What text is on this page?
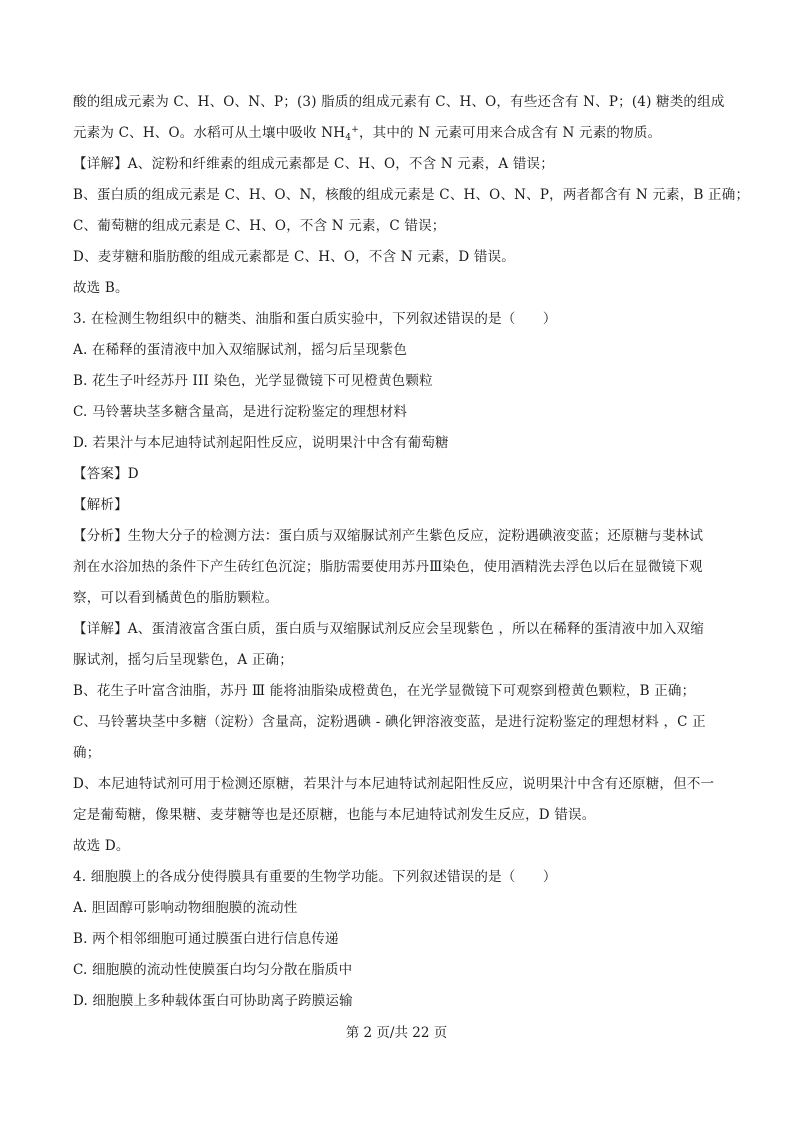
酸的组成元素为 C、H、O、N、P；(3) 脂质的组成元素有 C、H、O，有些还含有 N、P；(4) 糖类的组成
元素为 C、H、O。水稻可从土壤中吸收 $NH_4^+$，其中的 N 元素可用来合成含有 N 元素的物质。
【详解】A、淀粉和纤维素的组成元素都是 C、H、O，不含 N 元素，A 错误；
B、蛋白质的组成元素是 C、H、O、N，核酸的组成元素是 C、H、O、N、P，两者都含有 N 元素，B 正确；
C、葡萄糖的组成元素是 C、H、O，不含 N 元素，C 错误；
D、麦芽糖和脂肪酸的组成元素都是 C、H、O，不含 N 元素，D 错误。
故选 B。
3. 在检测生物组织中的糖类、油脂和蛋白质实验中，下列叙述错误的是（　　）
A. 在稀释的蛋清液中加入双缩脲试剂，摇匀后呈现紫色
B. 花生子叶经苏丹 III 染色，光学显微镜下可见橙黄色颗粒
C. 马铃薯块茎多糖含量高，是进行淀粉鉴定的理想材料
D. 若果汁与本尼迪特试剂起阳性反应，说明果汁中含有葡萄糖
【答案】D
【解析】
【分析】生物大分子的检测方法：蛋白质与双缩脲试剂产生紫色反应，淀粉遇碘液变蓝；还原糖与斐林试
剂在水浴加热的条件下产生砖红色沉淀；脂肪需要使用苏丹Ⅲ染色，使用酒精洗去浮色以后在显微镜下观
察，可以看到橘黄色的脂肪颗粒。
【详解】A、蛋清液富含蛋白质，蛋白质与双缩脲试剂反应会呈现紫色 ，所以在稀释的蛋清液中加入双缩
脲试剂，摇匀后呈现紫色，A 正确；
B、花生子叶富含油脂，苏丹 Ⅲ 能将油脂染成橙黄色，在光学显微镜下可观察到橙黄色颗粒，B 正确；
C、马铃薯块茎中多糖（淀粉）含量高，淀粉遇碘 - 碘化钾溶液变蓝，是进行淀粉鉴定的理想材料 ，C 正
确；
D、本尼迪特试剂可用于检测还原糖，若果汁与本尼迪特试剂起阳性反应，说明果汁中含有还原糖，但不一
定是葡萄糖，像果糖、麦芽糖等也是还原糖，也能与本尼迪特试剂发生反应，D 错误。
故选 D。
4. 细胞膜上的各成分使得膜具有重要的生物学功能。下列叙述错误的是（　　）
A. 胆固醇可影响动物细胞膜的流动性
B. 两个相邻细胞可通过膜蛋白进行信息传递
C. 细胞膜的流动性使膜蛋白均匀分散在脂质中
D. 细胞膜上多种载体蛋白可协助离子跨膜运输
第 2 页/共 22 页
